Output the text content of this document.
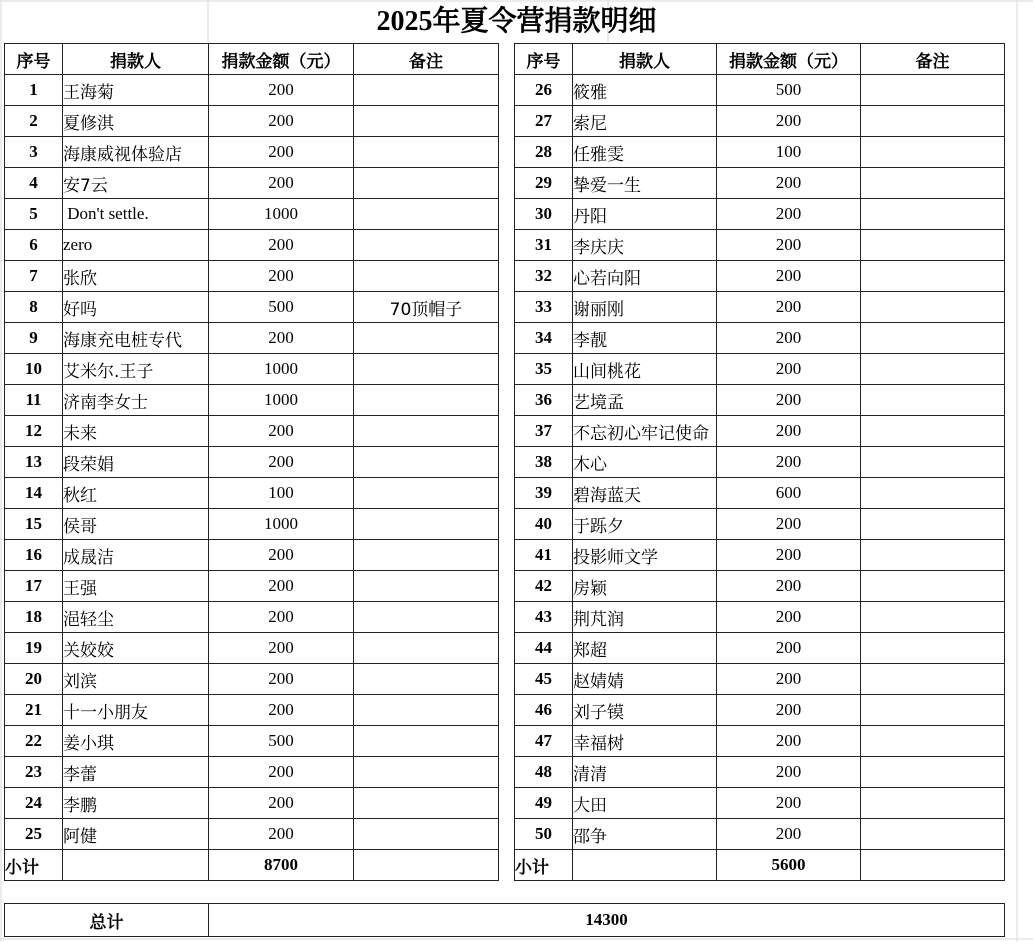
2025年夏令营捐款明细
序号	捐款人	捐款金额（元）	备注
1	王海菊	200	
2	夏修淇	200	
3	海康威视体验店	200	
4	安7云	200	
5	Don't settle.	1000	
6	zero	200	
7	张欣	200	
8	好吗	500	70顶帽子
9	海康充电桩专代	200	
10	艾米尔.王子	1000	
11	济南李女士	1000	
12	未来	200	
13	段荣娟	200	
14	秋红	100	
15	侯哥	1000	
16	成晟洁	200	
17	王强	200	
18	浥轻尘	200	
19	关姣姣	200	
20	刘滨	200	
21	十一小朋友	200	
22	姜小琪	500	
23	李蕾	200	
24	李鹏	200	
25	阿健	200	
小计		8700	
序号	捐款人	捐款金额（元）	备注
26	筱雅	500	
27	索尼	200	
28	任雅雯	100	
29	挚爱一生	200	
30	丹阳	200	
31	李庆庆	200	
32	心若向阳	200	
33	谢丽刚	200	
34	李靓	200	
35	山间桃花	200	
36	艺境孟	200	
37	不忘初心牢记使命	200	
38	木心	200	
39	碧海蓝天	600	
40	于跞夕	200	
41	投影师文学	200	
42	房颖	200	
43	荆芃润	200	
44	郑超	200	
45	赵婧婧	200	
46	刘子镆	200	
47	幸福树	200	
48	清清	200	
49	大田	200	
50	邵争	200	
小计		5600	
总计	14300
